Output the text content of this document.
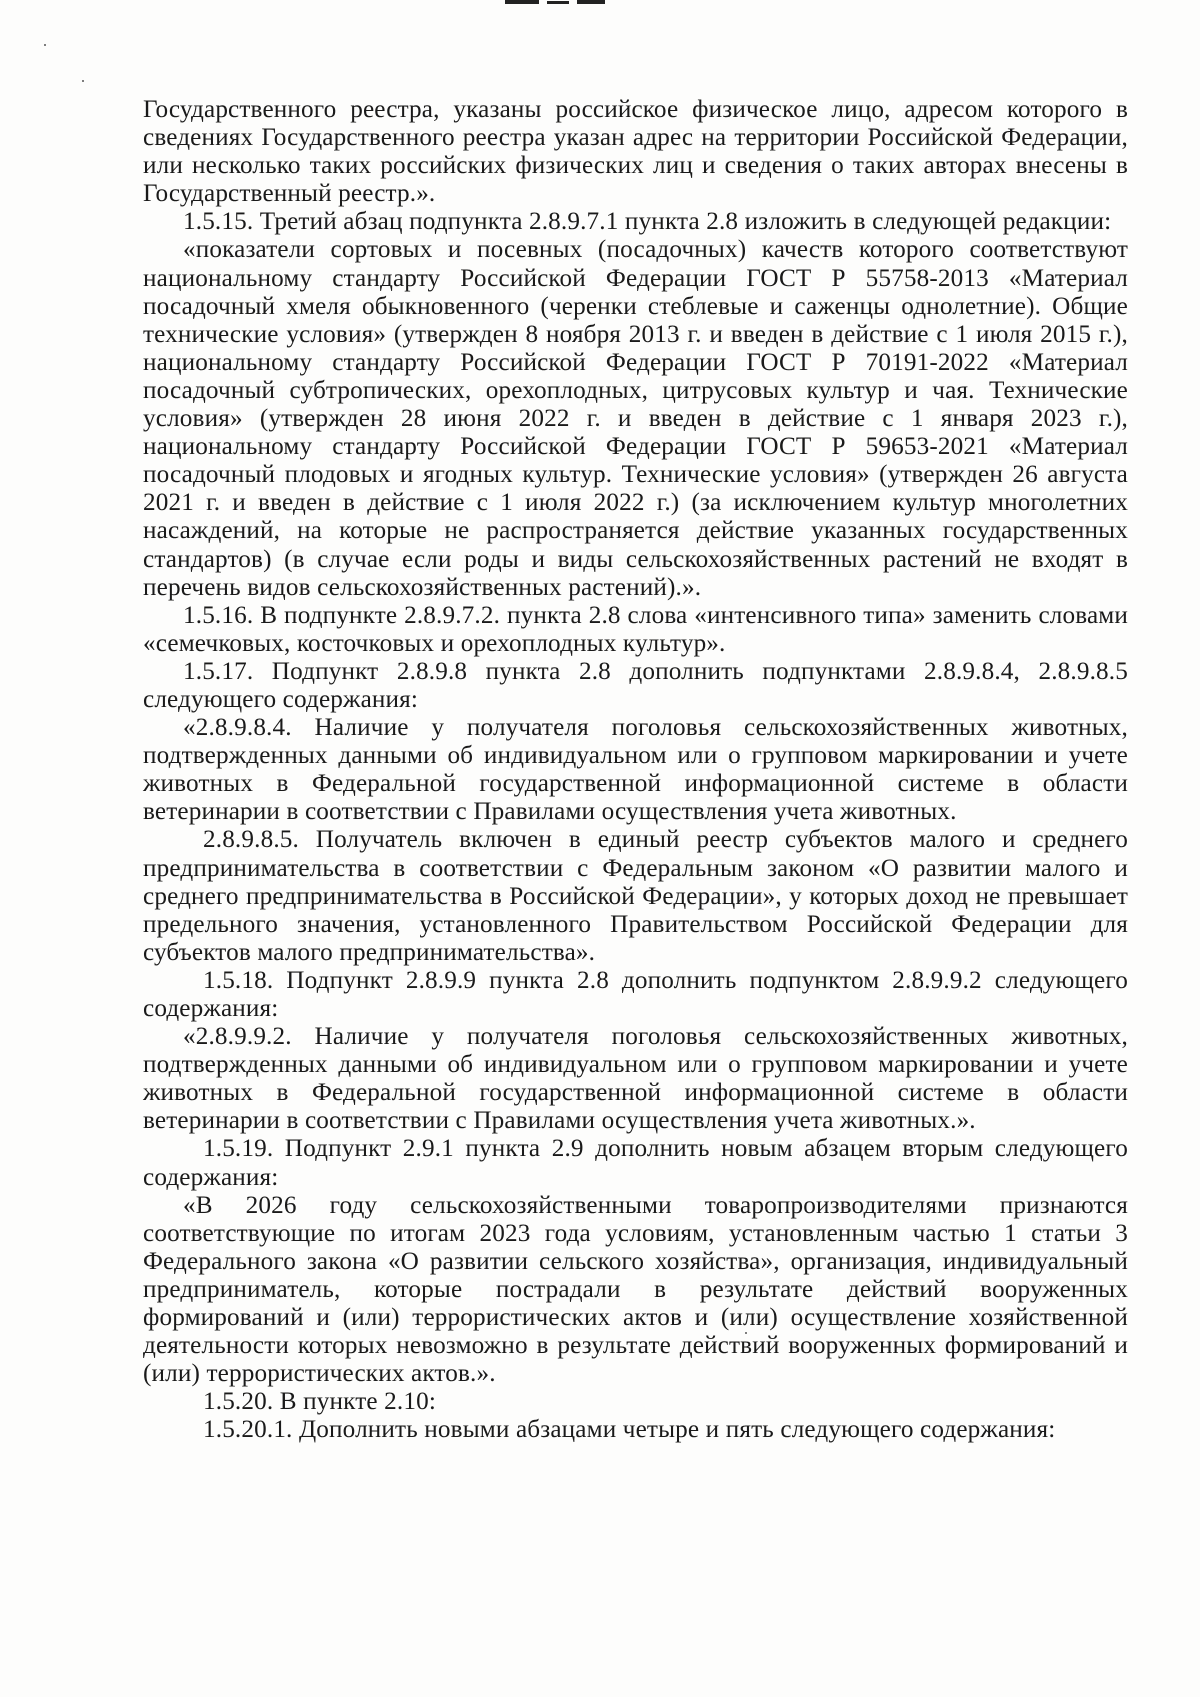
Государственного реестра, указаны российское физическое лицо, адресом которого в сведениях Государственного реестра указан адрес на территории Российской Федерации, или несколько таких российских физических лиц и сведения о таких авторах внесены в Государственный реестр.».

1.5.15. Третий абзац подпункта 2.8.9.7.1 пункта 2.8 изложить в следующей редакции:

«показатели сортовых и посевных (посадочных) качеств которого соответствуют национальному стандарту Российской Федерации ГОСТ Р 55758-2013 «Материал посадочный хмеля обыкновенного (черенки стеблевые и саженцы однолетние). Общие технические условия» (утвержден 8 ноября 2013 г. и введен в действие с 1 июля 2015 г.), национальному стандарту Российской Федерации ГОСТ Р 70191-2022 «Материал посадочный субтропических, орехоплодных, цитрусовых культур и чая. Технические условия» (утвержден 28 июня 2022 г. и введен в действие с 1 января 2023 г.), национальному стандарту Российской Федерации ГОСТ Р 59653-2021 «Материал посадочный плодовых и ягодных культур. Технические условия» (утвержден 26 августа 2021 г. и введен в действие с 1 июля 2022 г.) (за исключением культур многолетних насаждений, на которые не распространяется действие указанных государственных стандартов) (в случае если роды и виды сельскохозяйственных растений не входят в перечень видов сельскохозяйственных растений).».

1.5.16. В подпункте 2.8.9.7.2. пункта 2.8 слова «интенсивного типа» заменить словами «семечковых, косточковых и орехоплодных культур».

1.5.17. Подпункт 2.8.9.8 пункта 2.8 дополнить подпунктами 2.8.9.8.4, 2.8.9.8.5 следующего содержания:

«2.8.9.8.4. Наличие у получателя поголовья сельскохозяйственных животных, подтвержденных данными об индивидуальном или о групповом маркировании и учете животных в Федеральной государственной информационной системе в области ветеринарии в соответствии с Правилами осуществления учета животных.

2.8.9.8.5. Получатель включен в единый реестр субъектов малого и среднего предпринимательства в соответствии с Федеральным законом «О развитии малого и среднего предпринимательства в Российской Федерации», у которых доход не превышает предельного значения, установленного Правительством Российской Федерации для субъектов малого предпринимательства».

1.5.18. Подпункт 2.8.9.9 пункта 2.8 дополнить подпунктом 2.8.9.9.2 следующего содержания:

«2.8.9.9.2. Наличие у получателя поголовья сельскохозяйственных животных, подтвержденных данными об индивидуальном или о групповом маркировании и учете животных в Федеральной государственной информационной системе в области ветеринарии в соответствии с Правилами осуществления учета животных.».

1.5.19. Подпункт 2.9.1 пункта 2.9 дополнить новым абзацем вторым следующего содержания:

«В 2026 году сельскохозяйственными товаропроизводителями признаются соответствующие по итогам 2023 года условиям, установленным частью 1 статьи 3 Федерального закона «О развитии сельского хозяйства», организация, индивидуальный предприниматель, которые пострадали в результате действий вооруженных формирований и (или) террористических актов и (или) осуществление хозяйственной деятельности которых невозможно в результате действий вооруженных формирований и (или) террористических актов.».

1.5.20. В пункте 2.10:

1.5.20.1. Дополнить новыми абзацами четыре и пять следующего содержания:
